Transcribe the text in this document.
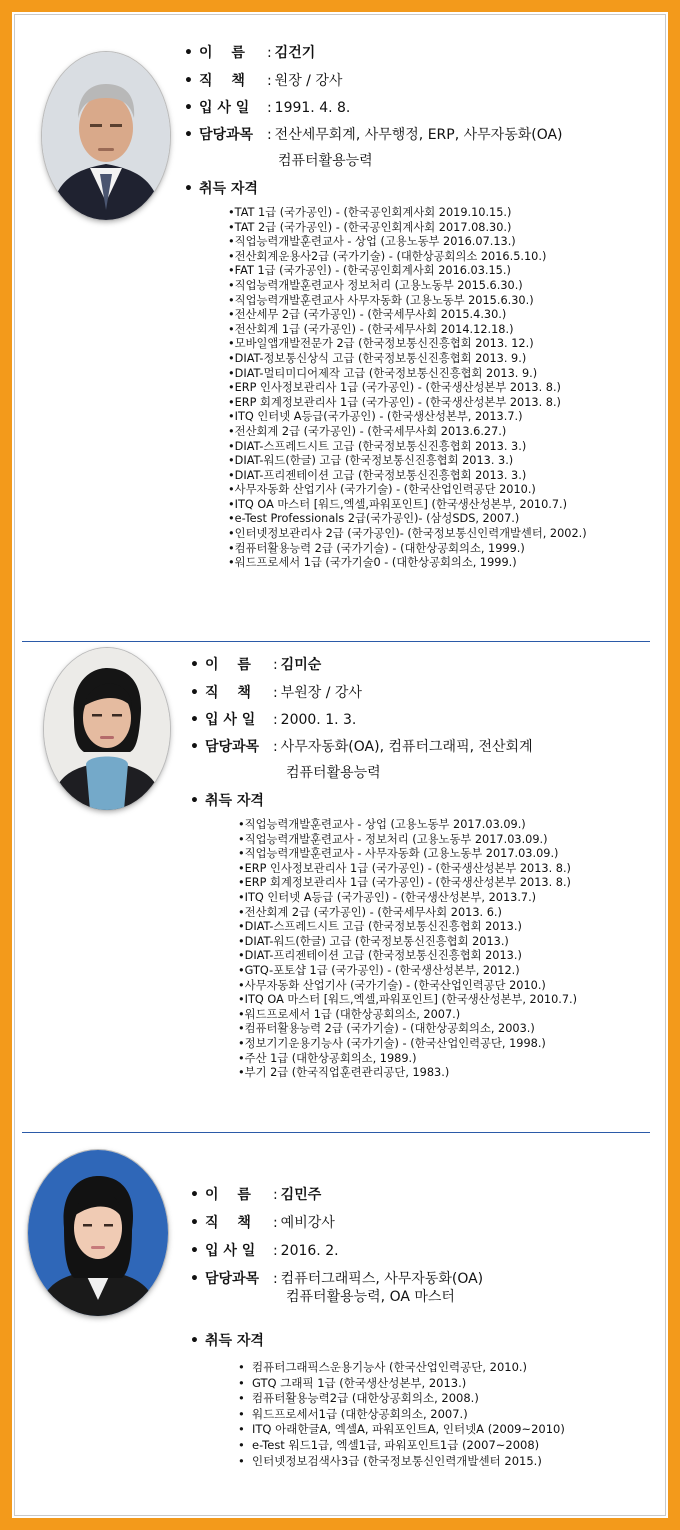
• 이 　름 : 김건기
• 직 　책 : 원장 / 강사
• 입 사 일 : 1991. 4. 8.
• 담당과목 : 전산세무회계, 사무행정, ERP, 사무자동화(OA)
컴퓨터활용능력
• 취득 자격
•TAT 1급 (국가공인) - (한국공인회계사회 2019.10.15.)
•TAT 2급 (국가공인) - (한국공인회계사회 2017.08.30.)
•직업능력개발훈련교사 - 상업 (고용노동부 2016.07.13.)
•전산회계운용사2급 (국가기술) - (대한상공회의소 2016.5.10.)
•FAT 1급 (국가공인) - (한국공인회계사회 2016.03.15.)
•직업능력개발훈련교사 정보처리 (고용노동부 2015.6.30.)
•직업능력개발훈련교사 사무자동화 (고용노동부 2015.6.30.)
•전산세무 2급 (국가공인) - (한국세무사회 2015.4.30.)
•전산회계 1급 (국가공인) - (한국세무사회 2014.12.18.)
•모바일앱개발전문가 2급 (한국정보통신진흥협회 2013. 12.)
•DIAT-정보통신상식 고급 (한국정보통신진흥협회 2013. 9.)
•DIAT-멀티미디어제작 고급 (한국정보통신진흥협회 2013. 9.)
•ERP 인사정보관리사 1급 (국가공인) - (한국생산성본부 2013. 8.)
•ERP 회계정보관리사 1급 (국가공인) - (한국생산성본부 2013. 8.)
•ITQ 인터넷 A등급(국가공인) - (한국생산성본부, 2013.7.)
•전산회계 2급 (국가공인) - (한국세무사회 2013.6.27.)
•DIAT-스프레드시트 고급 (한국정보통신진흥협회 2013. 3.)
•DIAT-워드(한글) 고급 (한국정보통신진흥협회 2013. 3.)
•DIAT-프리젠테이션 고급 (한국정보통신진흥협회 2013. 3.)
•사무자동화 산업기사 (국가기술) - (한국산업인력공단 2010.)
•ITQ OA 마스터 [워드,엑셀,파워포인트] (한국생산성본부, 2010.7.)
•e-Test Professionals 2급(국가공인)- (삼성SDS, 2007.)
•인터넷정보관리사 2급 (국가공인)- (한국정보통신인력개발센터, 2002.)
•컴퓨터활용능력 2급 (국가기술) - (대한상공회의소, 1999.)
•워드프로세서 1급 (국가기술0 - (대한상공회의소, 1999.)
• 이 　름 : 김미순
• 직 　책 : 부원장 / 강사
• 입 사 일 : 2000. 1. 3.
• 담당과목 : 사무자동화(OA), 컴퓨터그래픽, 전산회계
컴퓨터활용능력
• 취득 자격
•직업능력개발훈련교사 - 상업 (고용노동부 2017.03.09.)
•직업능력개발훈련교사 - 정보처리 (고용노동부 2017.03.09.)
•직업능력개발훈련교사 - 사무자동화 (고용노동부 2017.03.09.)
•ERP 인사정보관리사 1급 (국가공인) - (한국생산성본부 2013. 8.)
•ERP 회계정보관리사 1급 (국가공인) - (한국생산성본부 2013. 8.)
•ITQ 인터넷 A등급 (국가공인) - (한국생산성본부, 2013.7.)
•전산회계 2급 (국가공인) - (한국세무사회 2013. 6.)
•DIAT-스프레드시트 고급 (한국정보통신진흥협회 2013.)
•DIAT-워드(한글) 고급 (한국정보통신진흥협회 2013.)
•DIAT-프리젠테이션 고급 (한국정보통신진흥협회 2013.)
•GTQ-포토샵 1급 (국가공인) - (한국생산성본부, 2012.)
•사무자동화 산업기사 (국가기술) - (한국산업인력공단 2010.)
•ITQ OA 마스터 [워드,엑셀,파워포인트] (한국생산성본부, 2010.7.)
•워드프로세서 1급 (대한상공회의소, 2007.)
•컴퓨터활용능력 2급 (국가기술) - (대한상공회의소, 2003.)
•정보기기운용기능사 (국가기술) - (한국산업인력공단, 1998.)
•주산 1급 (대한상공회의소, 1989.)
•부기 2급 (한국직업훈련관리공단, 1983.)
• 이 　름 : 김민주
• 직 　책 : 예비강사
• 입 사 일 : 2016. 2.
• 담당과목 : 컴퓨터그래픽스, 사무자동화(OA)
컴퓨터활용능력, OA 마스터
• 취득 자격
• 컴퓨터그래픽스운용기능사 (한국산업인력공단, 2010.)
• GTQ 그래픽 1급 (한국생산성본부, 2013.)
• 컴퓨터활용능력2급 (대한상공회의소, 2008.)
• 워드프로세서1급 (대한상공회의소, 2007.)
• ITQ 아래한글A, 엑셀A, 파워포인트A, 인터넷A (2009~2010)
• e-Test 워드1급, 엑셀1급, 파워포인트1급 (2007~2008)
• 인터넷정보검색사3급 (한국정보통신인력개발센터 2015.)
